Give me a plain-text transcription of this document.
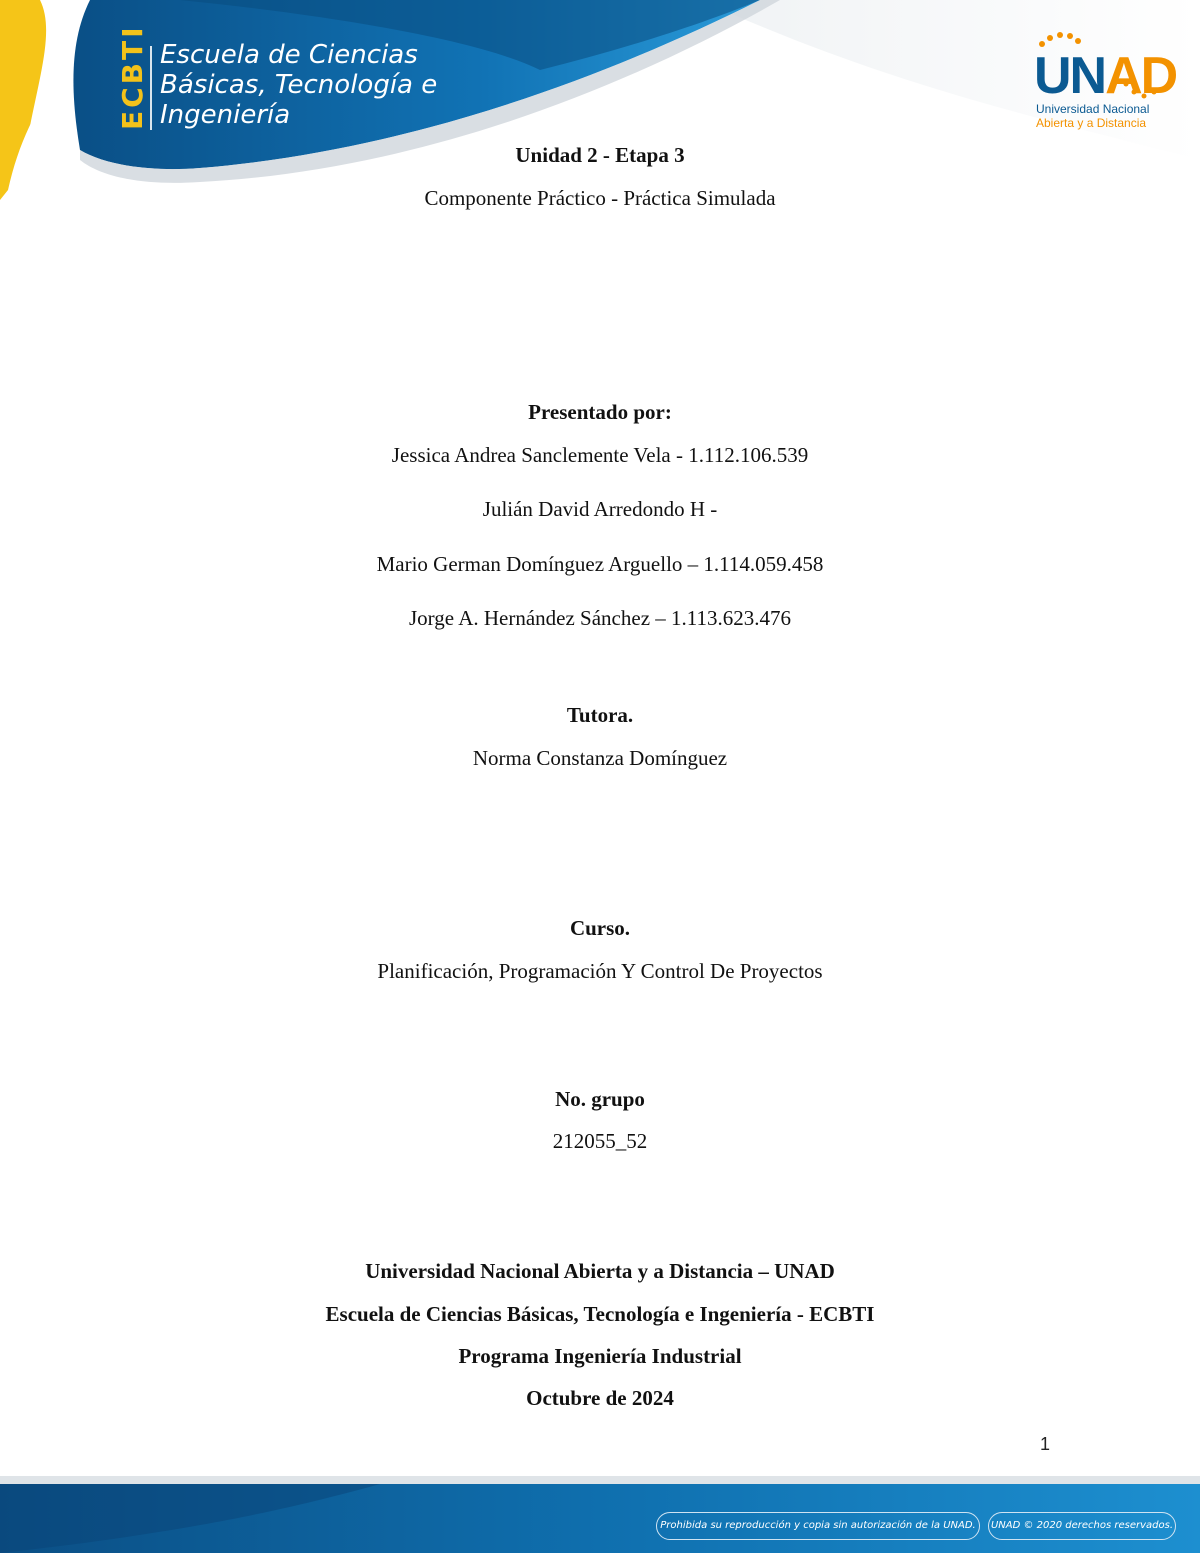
ECBTI Escuela de Ciencias
Básicas, Tecnología e
Ingeniería
UNAD
Universidad Nacional
Abierta y a Distancia
Unidad 2 - Etapa 3
Componente Práctico - Práctica Simulada
Presentado por:
Jessica Andrea Sanclemente Vela - 1.112.106.539
Julián David Arredondo H -
Mario German Domínguez Arguello – 1.114.059.458
Jorge A. Hernández Sánchez – 1.113.623.476
Tutora.
Norma Constanza Domínguez
Curso.
Planificación, Programación Y Control De Proyectos
No. grupo
212055_52
Universidad Nacional Abierta y a Distancia – UNAD
Escuela de Ciencias Básicas, Tecnología e Ingeniería - ECBTI
Programa Ingeniería Industrial
Octubre de 2024
1
Prohibida su reproducción y copia sin autorización de la UNAD.	UNAD © 2020 derechos reservados.
